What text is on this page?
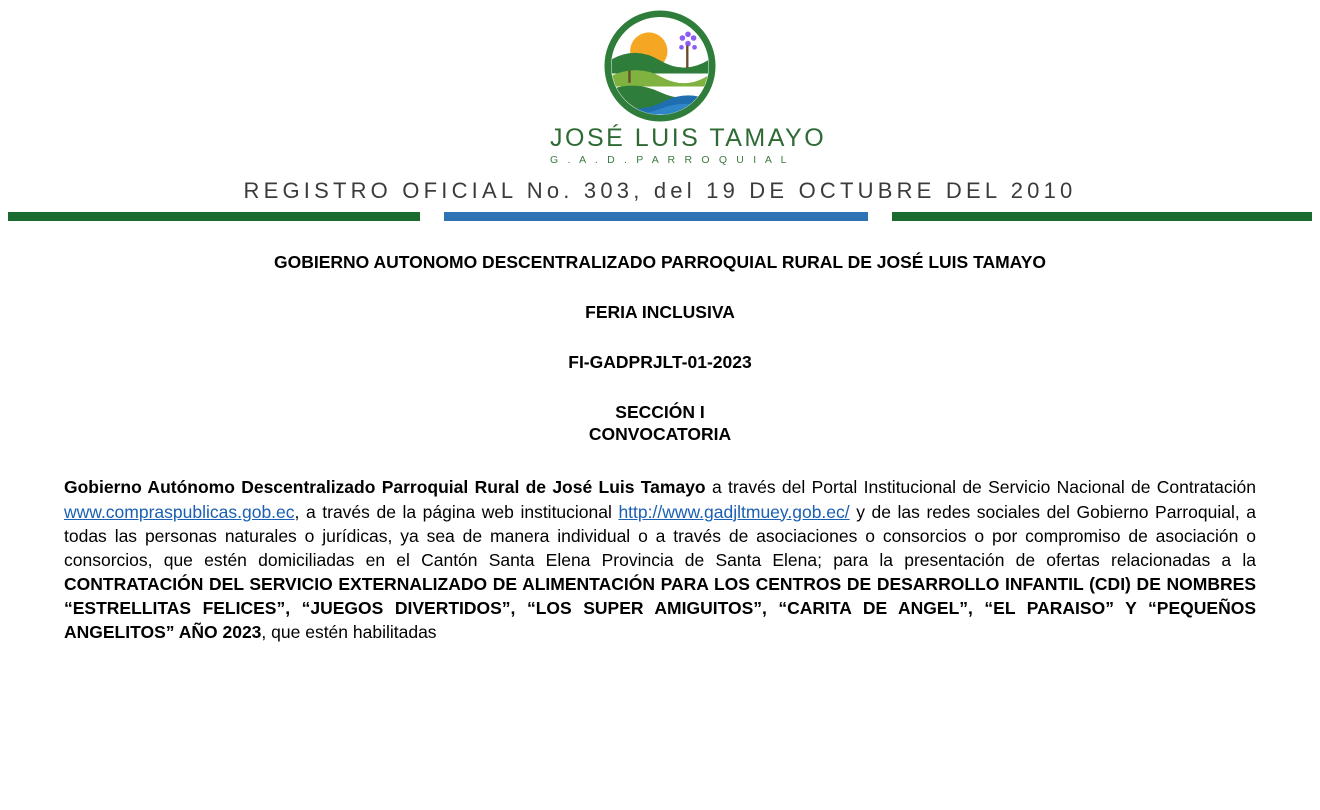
JOSÉ LUIS TAMAYO
G . A . D . P A R R O Q U I A L
REGISTRO OFICIAL No. 303, del 19 DE OCTUBRE DEL 2010
GOBIERNO AUTONOMO DESCENTRALIZADO PARROQUIAL RURAL DE JOSÉ LUIS TAMAYO
FERIA INCLUSIVA
FI-GADPRJLT-01-2023
SECCIÓN I
CONVOCATORIA
Gobierno Autónomo Descentralizado Parroquial Rural de José Luis Tamayo a través del Portal Institucional de Servicio Nacional de Contratación www.compraspublicas.gob.ec, a través de la página web institucional http://www.gadjltmuey.gob.ec/ y de las redes sociales del Gobierno Parroquial, a todas las personas naturales o jurídicas, ya sea de manera individual o a través de asociaciones o consorcios o por compromiso de asociación o consorcios, que estén domiciliadas en el Cantón Santa Elena Provincia de Santa Elena; para la presentación de ofertas relacionadas a la CONTRATACIÓN DEL SERVICIO EXTERNALIZADO DE ALIMENTACIÓN PARA LOS CENTROS DE DESARROLLO INFANTIL (CDI) DE NOMBRES “ESTRELLITAS FELICES”, “JUEGOS DIVERTIDOS”, “LOS SUPER AMIGUITOS”, “CARITA DE ANGEL”, “EL PARAISO” Y “PEQUEÑOS ANGELITOS” AÑO 2023, que estén habilitadas
